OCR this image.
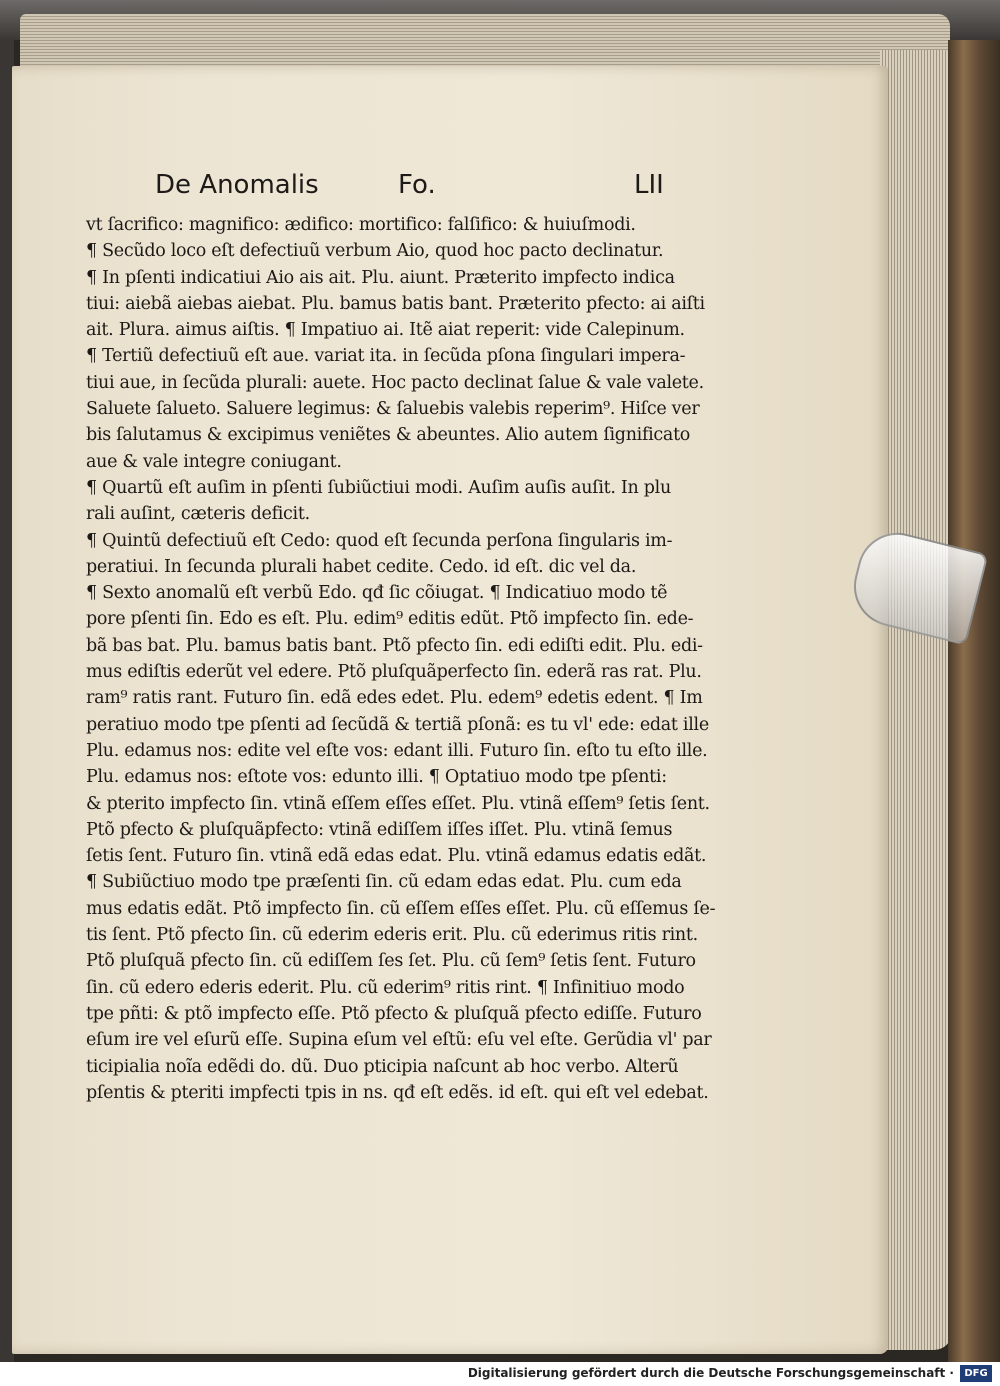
De Anomalis	Fo.	LII
vt ſacrifico: magnifico: ædifico: mortifico: falſifico: & huiuſmodi.
¶ Secũdo loco eſt defectiuũ verbum Aio, quod hoc pacto declinatur.
¶ In pſenti indicatiui Aio ais ait. Plu. aiunt. Præterito impfecto indica
tiui: aiebã aiebas aiebat. Plu. bamus batis bant. Præterito pfecto: ai aiſti
ait. Plura. aimus aiſtis. ¶ Impatiuo ai. Itẽ aiat reperit: vide Calepinum.
¶ Tertiũ defectiuũ eſt aue. variat ita. in ſecũda pſona ſingulari impera-
tiui aue, in ſecũda plurali: auete. Hoc pacto declinat ſalue & vale valete.
Saluete ſalueto. Saluere legimus: & ſaluebis valebis reperim⁹. Hiſce ver
bis ſalutamus & excipimus veniẽtes & abeuntes. Alio autem ſignificato
aue & vale integre coniugant.
¶ Quartũ eſt auſim in pſenti ſubiũctiui modi. Auſim auſis auſit. In plu
rali auſint, cæteris deficit.
¶ Quintũ defectiuũ eſt Cedo: quod eſt ſecunda perſona ſingularis im-
peratiui. In ſecunda plurali habet cedite. Cedo. id eſt. dic vel da.
¶ Sexto anomalũ eſt verbũ Edo. qđ ſic cõiugat. ¶ Indicatiuo modo tẽ
pore pſenti ſin. Edo es eſt. Plu. edim⁹ editis edũt. Ptõ impfecto ſin. ede-
bã bas bat. Plu. bamus batis bant. Ptõ pfecto ſin. edi ediſti edit. Plu. edi-
mus ediſtis ederũt vel edere. Ptõ pluſquãperfecto ſin. ederã ras rat. Plu.
ram⁹ ratis rant. Futuro ſin. edã edes edet. Plu. edem⁹ edetis edent. ¶ Im
peratiuo modo tpe pſenti ad ſecũdã & tertiã pſonã: es tu vl' ede: edat ille
Plu. edamus nos: edite vel eſte vos: edant illi. Futuro ſin. eſto tu eſto ille.
Plu. edamus nos: eſtote vos: edunto illi. ¶ Optatiuo modo tpe pſenti:
& pterito impfecto ſin. vtinã eſſem eſſes eſſet. Plu. vtinã eſſem⁹ ſetis ſent.
Ptõ pfecto & pluſquãpfecto: vtinã ediſſem iſſes iſſet. Plu. vtinã ſemus
ſetis ſent. Futuro ſin. vtinã edã edas edat. Plu. vtinã edamus edatis edãt.
¶ Subiũctiuo modo tpe præſenti ſin. cũ edam edas edat. Plu. cum eda
mus edatis edãt. Ptõ impfecto ſin. cũ eſſem eſſes eſſet. Plu. cũ eſſemus ſe-
tis ſent. Ptõ pfecto ſin. cũ ederim ederis erit. Plu. cũ ederimus ritis rint.
Ptõ pluſquã pfecto ſin. cũ ediſſem ſes ſet. Plu. cũ ſem⁹ ſetis ſent. Futuro
ſin. cũ edero ederis ederit. Plu. cũ ederim⁹ ritis rint. ¶ Infinitiuo modo
tpe pñti: & ptõ impfecto eſſe. Ptõ pfecto & pluſquã pfecto ediſſe. Futuro
eſum ire vel eſurũ eſſe. Supina eſum vel eſtũ: eſu vel eſte. Gerũdia vl' par
ticipialia noĩa edẽdi do. dũ. Duo pticipia naſcunt ab hoc verbo. Alterũ
pſentis & pteriti impfecti tpis in ns. qđ eſt edẽs. id eſt. qui eſt vel edebat.
Digitalisierung gefördert durch die Deutsche Forschungsgemeinschaft ·	DFG
